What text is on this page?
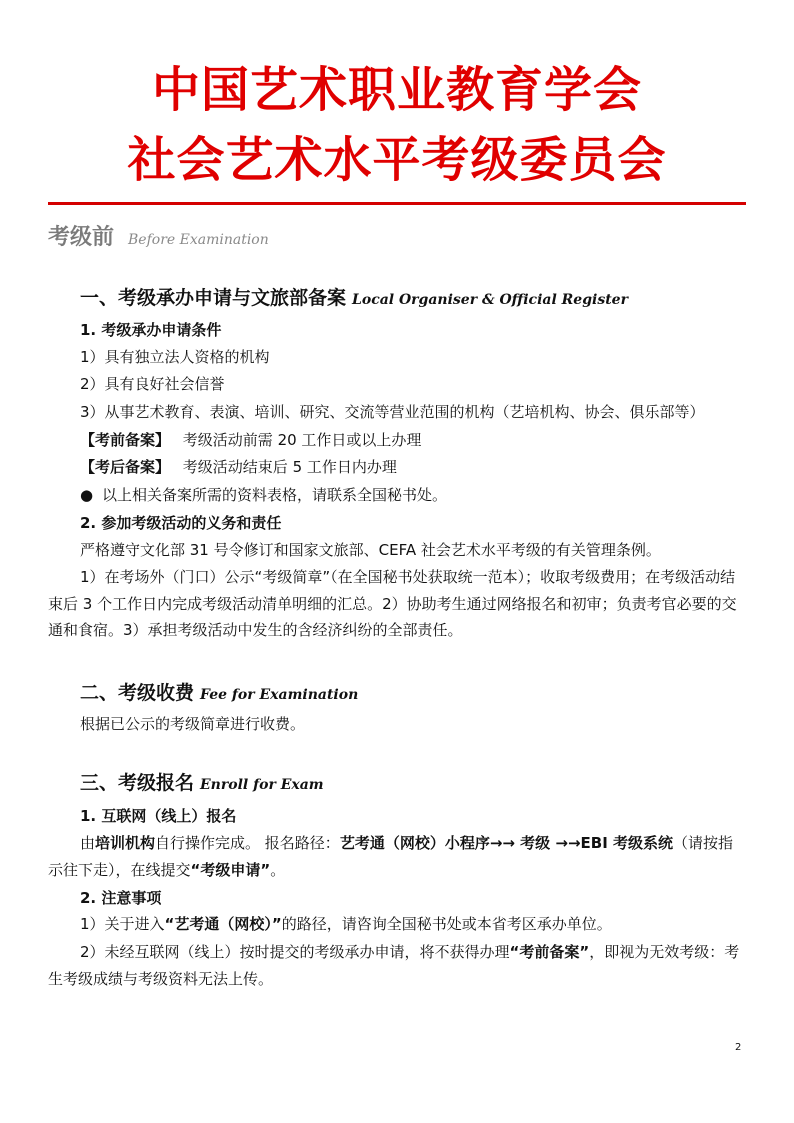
中国艺术职业教育学会
社会艺术水平考级委员会
考级前 Before Examination
一、考级承办申请与文旅部备案 Local Organiser & Official Register
1. 考级承办申请条件
1）具有独立法人资格的机构
2）具有良好社会信誉
3）从事艺术教育、表演、培训、研究、交流等营业范围的机构（艺培机构、协会、俱乐部等）
【考前备案】 考级活动前需 20 工作日或以上办理
【考后备案】 考级活动结束后 5 工作日内办理
● 以上相关备案所需的资料表格，请联系全国秘书处。
2. 参加考级活动的义务和责任
严格遵守文化部 31 号令修订和国家文旅部、CEFA 社会艺术水平考级的有关管理条例。
1）在考场外（门口）公示“考级简章”（在全国秘书处获取统一范本）；收取考级费用；在考级活动结束后 3 个工作日内完成考级活动清单明细的汇总。2）协助考生通过网络报名和初审；负责考官必要的交通和食宿。3）承担考级活动中发生的含经济纠纷的全部责任。
二、考级收费 Fee for Examination
根据已公示的考级简章进行收费。
三、考级报名 Enroll for Exam
1. 互联网（线上）报名
由培训机构自行操作完成。 报名路径：艺考通（网校）小程序→→ 考级 →→EBI 考级系统（请按指示往下走），在线提交“考级申请”。
2. 注意事项
1）关于进入“艺考通（网校）”的路径，请咨询全国秘书处或本省考区承办单位。
2）未经互联网（线上）按时提交的考级承办申请，将不获得办理“考前备案”，即视为无效考级：考生考级成绩与考级资料无法上传。
2
